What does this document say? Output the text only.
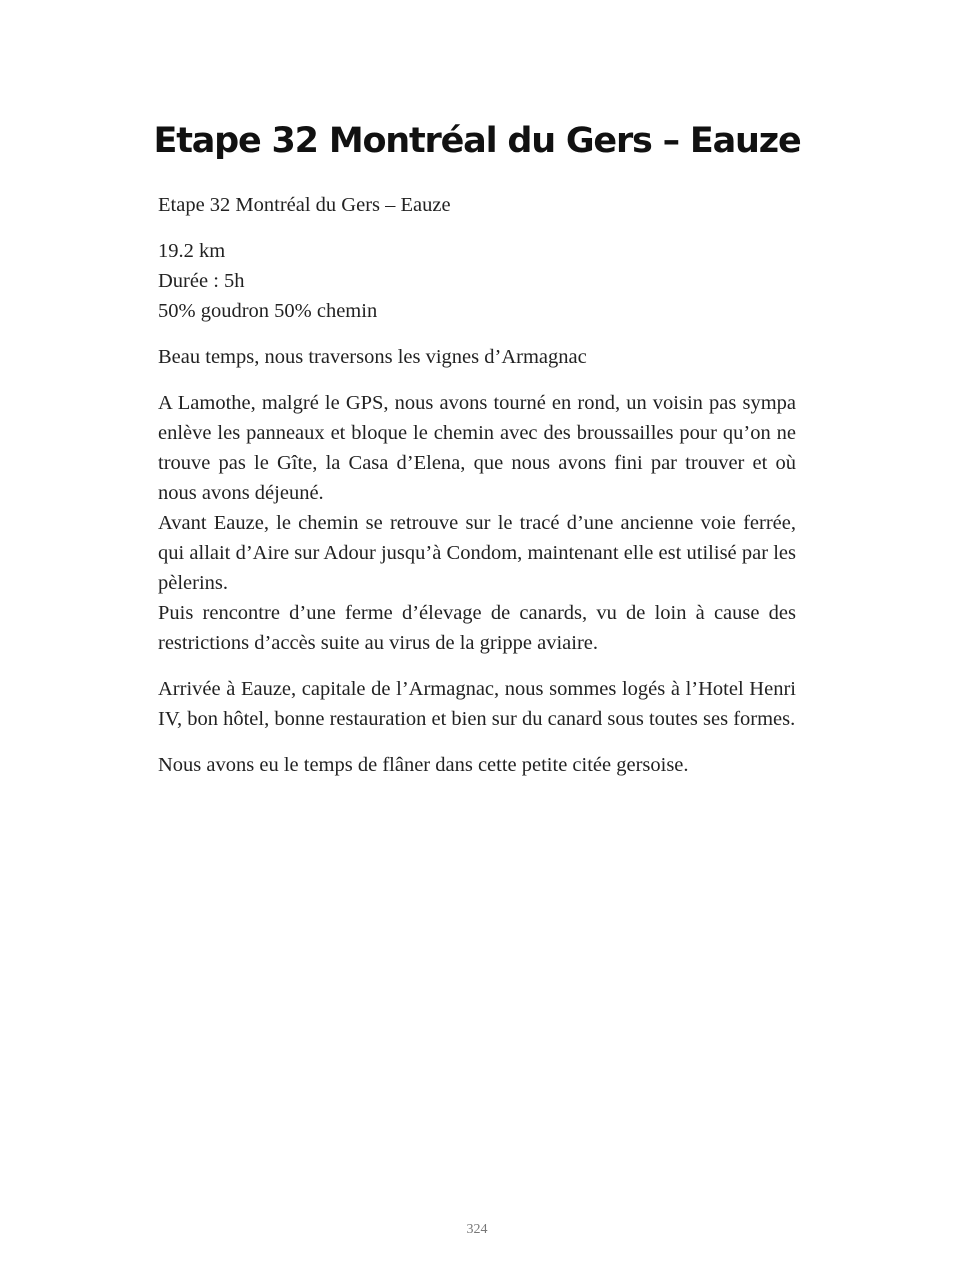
Etape 32 Montréal du Gers – Eauze

Etape 32 Montréal du Gers – Eauze

19.2 km
Durée : 5h
50% goudron 50% chemin

Beau temps, nous traversons les vignes d’Armagnac

A Lamothe, malgré le GPS, nous avons tourné en rond, un voisin pas sympa enlève les panneaux et bloque le chemin avec des broussailles pour qu’on ne trouve pas le Gîte, la Casa d’Elena, que nous avons fini par trouver et où nous avons déjeuné.
Avant Eauze, le chemin se retrouve sur le tracé d’une ancienne voie ferrée, qui allait d’Aire sur Adour jusqu’à Condom, maintenant elle est utilisé par les pèlerins.
Puis rencontre d’une ferme d’élevage de canards, vu de loin à cause des restrictions d’accès suite au virus de la grippe aviaire.

Arrivée à Eauze, capitale de l’Armagnac, nous sommes logés à l’Hotel Henri IV, bon hôtel, bonne restauration et bien sur du canard sous toutes ses formes.

Nous avons eu le temps de flâner dans cette petite citée gersoise.

324
